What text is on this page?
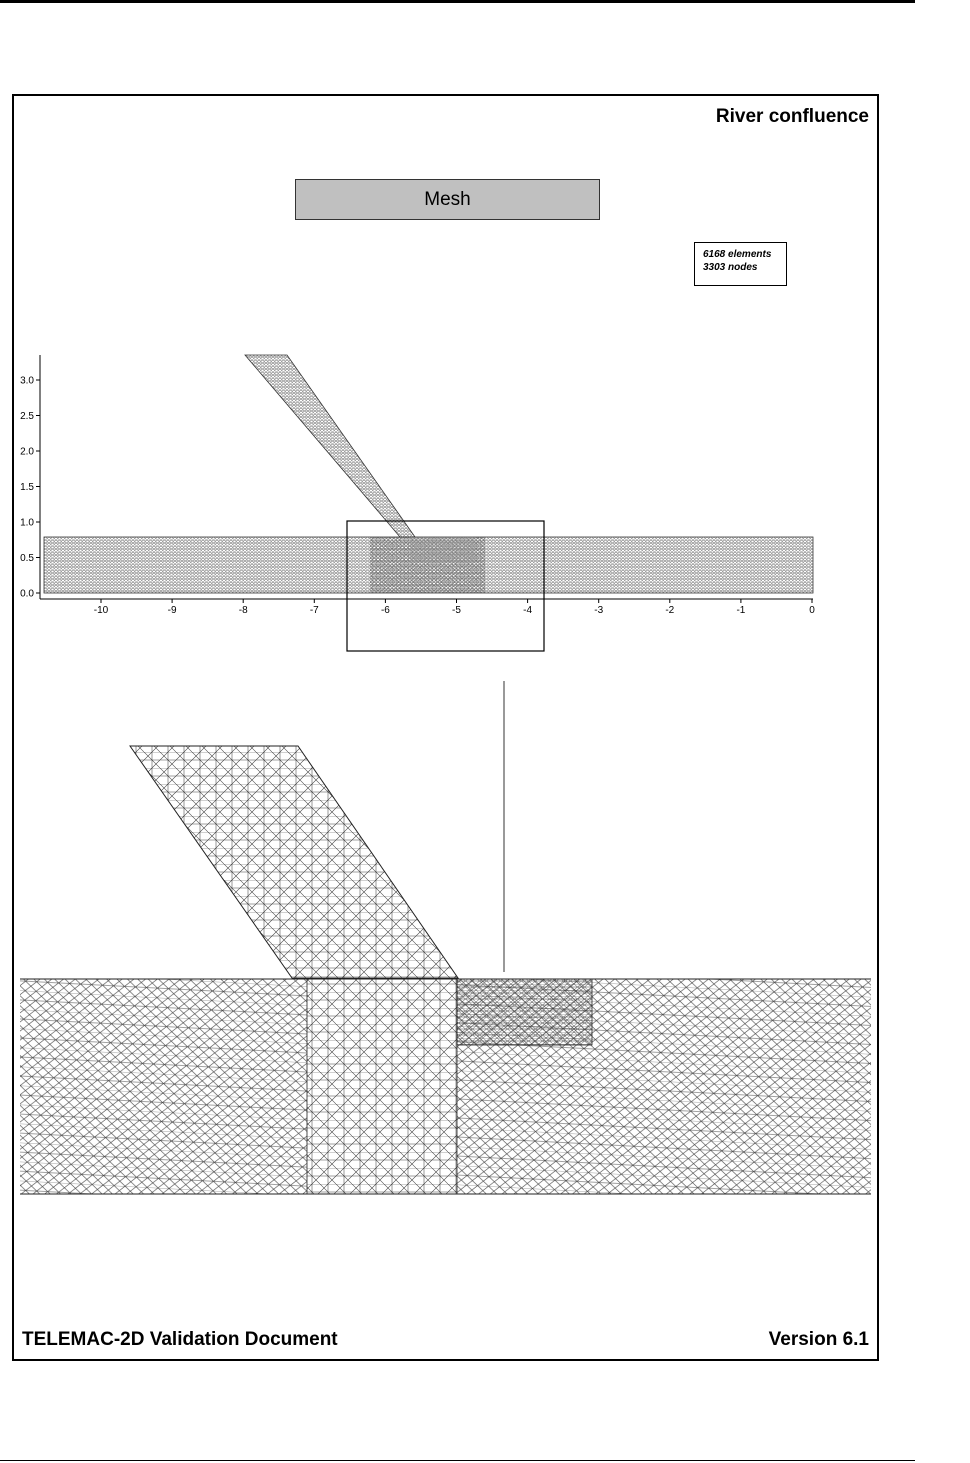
River confluence
Mesh
6168 elements
3303 nodes
TELEMAC-2D Validation Document	Version 6.1
-10	-9	-8	-7	-6	-5	-4	-3	-2	-1	0
0.0
0.5
1.0
1.5
2.0
2.5
3.0
